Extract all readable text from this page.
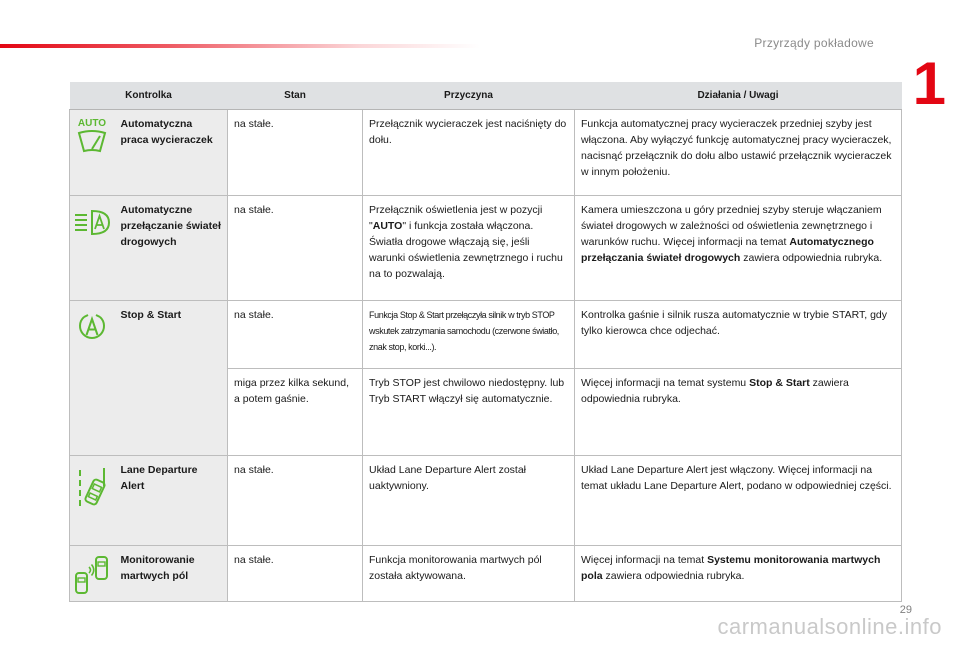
Przyrządy pokładowe
1
Kontrolka		Stan	Przyczyna	Działania / Uwagi

AUTO	Automatyczna praca wycieraczek	na stałe.	Przełącznik wycieraczek jest naciśnięty do dołu.	Funkcja automatycznej pracy wycieraczek przedniej szyby jest włączona. Aby wyłączyć funkcję automatycznej pracy wycieraczek, nacisnąć przełącznik do dołu albo ustawić przełącznik wycieraczek w innym położeniu.

	Automatyczne przełączanie świateł drogowych	na stałe.	Przełącznik oświetlenia jest w pozycji "AUTO" i funkcja została włączona. Światła drogowe włączają się, jeśli warunki oświetlenia zewnętrznego i ruchu na to pozwalają.	Kamera umieszczona u góry przedniej szyby steruje włączaniem świateł drogowych w zależności od oświetlenia zewnętrznego i warunków ruchu. Więcej informacji na temat Automatycznego przełączania świateł drogowych zawiera odpowiednia rubryka.

	Stop & Start	na stałe.	Funkcja Stop & Start przełączyła silnik w tryb STOP wskutek zatrzymania samochodu (czerwone światło, znak stop, korki...).	Kontrolka gaśnie i silnik rusza automatycznie w trybie START, gdy tylko kierowca chce odjechać.
		miga przez kilka sekund, a potem gaśnie.	Tryb STOP jest chwilowo niedostępny. lub Tryb START włączył się automatycznie.	Więcej informacji na temat systemu Stop & Start zawiera odpowiednia rubryka.

	Lane Departure Alert	na stałe.	Układ Lane Departure Alert został uaktywniony.	Układ Lane Departure Alert jest włączony. Więcej informacji na temat układu Lane Departure Alert, podano w odpowiedniej części.

	Monitorowanie martwych pól	na stałe.	Funkcja monitorowania martwych pól została aktywowana.	Więcej informacji na temat Systemu monitorowania martwych pola zawiera odpowiednia rubryka.
29
carmanualsonline.info
